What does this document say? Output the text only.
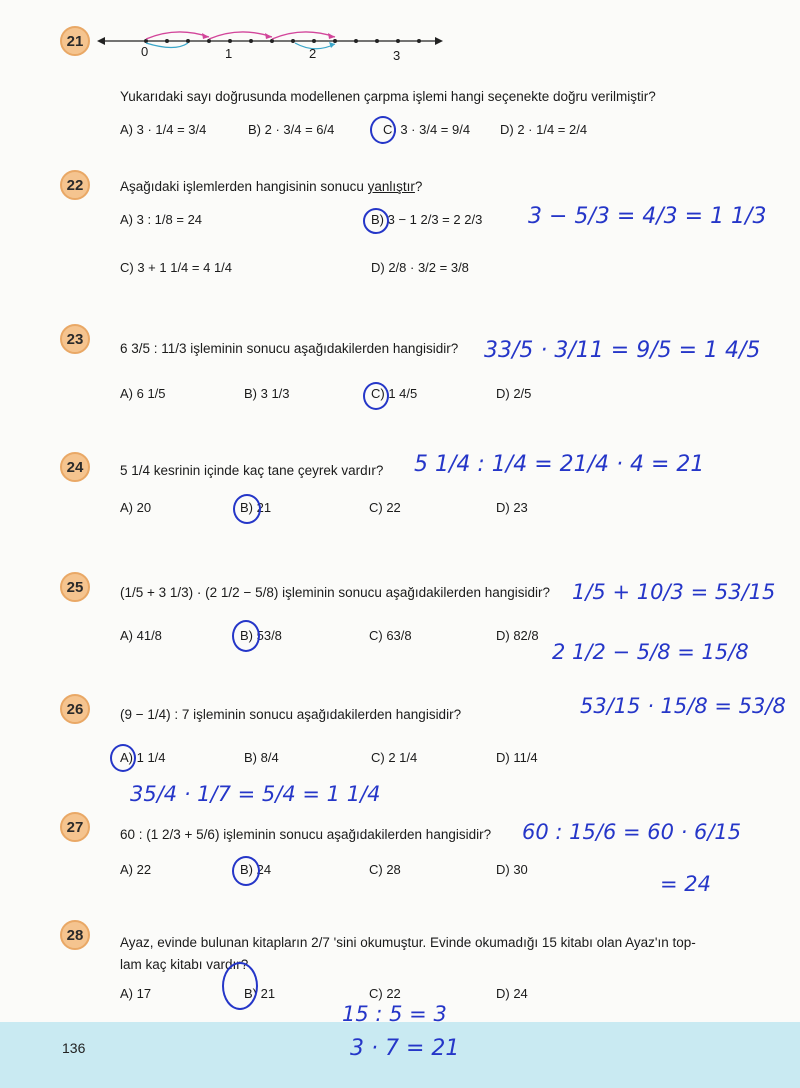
21
0	1	2	3
Yukarıdaki sayı doğrusunda modellenen çarpma işlemi hangi seçenekte doğru verilmiştir?
A) 3 · 1/4 = 3/4	B) 2 · 3/4 = 6/4	C) 3 · 3/4 = 9/4 D) 2 · 1/4 = 2/4
22	Aşağıdaki işlemlerden hangisinin sonucu yanlıştır?
A) 3 : 1/8 = 24	B) 3 − 1 2/3 = 2 2/3
C) 3 + 1 1/4 = 4 1/4	D) 2/8 · 3/2 = 3/8
3 − 5/3 = 4/3 = 1 1/3
23
6 3/5 : 11/3 işleminin sonucu aşağıdakilerden hangisidir?
A) 6 1/5	B) 3 1/3	C) 1 4/5	D) 2/5
33/5 · 3/11 = 9/5 = 1 4/5
24	5 1/4 kesrinin içinde kaç tane çeyrek vardır?
A) 20	B) 21	C) 22	D) 23
5 1/4 : 1/4 = 21/4 · 4 = 21
25	(1/5 + 3 1/3) · (2 1/2 − 5/8) işleminin sonucu aşağıdakilerden hangisidir?
A) 41/8	B) 53/8	C) 63/8	D) 82/8
1/5 + 10/3 = 53/15
2 1/2 − 5/8 = 15/8
53/15 · 15/8 = 53/8
26	(9 − 1/4) : 7 işleminin sonucu aşağıdakilerden hangisidir?
A) 1 1/4	B) 8/4	C) 2 1/4	D) 11/4
35/4 · 1/7 = 5/4 = 1 1/4
27	60 : (1 2/3 + 5/6) işleminin sonucu aşağıdakilerden hangisidir?
A) 22	B) 24	C) 28	D) 30
60 : 15/6 = 60 · 6/15
= 24
28	Ayaz, evinde bulunan kitapların 2/7 'sini okumuştur. Evinde okumadığı 15 kitabı olan Ayaz'ın top-
lam kaç kitabı vardır?
A) 17	B) 21	C) 22	D) 24
136
15 : 5 = 3
3 · 7 = 21
